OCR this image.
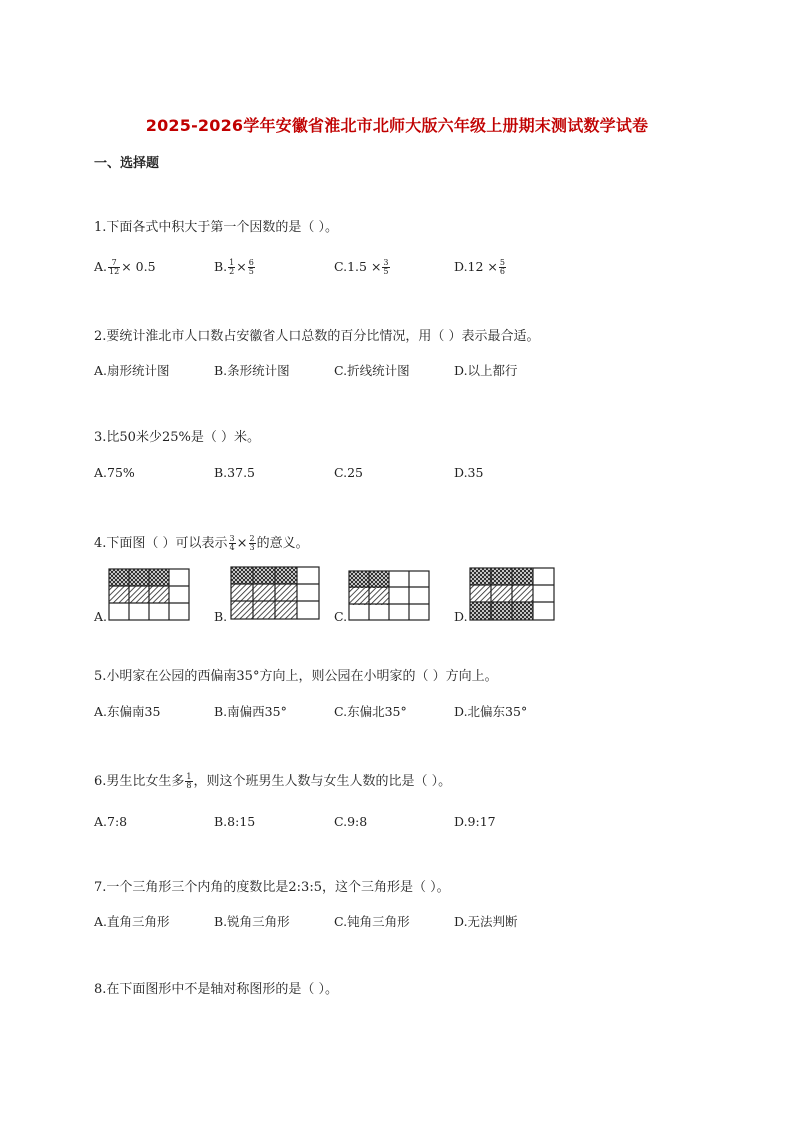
2025-2026学年安徽省淮北市北师大版六年级上册期末测试数学试卷
一、选择题
1.下面各式中积大于第一个因数的是（ ）。
A. $\frac{7}{12} \times 0.5$	B. $\frac{1}{2} \times \frac{6}{5}$	$C.1.5 \times \frac{3}{5}$	$D.12 \times \frac{5}{6}$
2.要统计淮北市人口数占安徽省人口总数的百分比情况，用（ ）表示最合适。
A.扇形统计图	B.条形统计图	C.折线统计图	D.以上都行
3.比50米少25%是（ ）米。
A.75%	B.37.5	C.25	D.35
4.下面图（ ）可以表示 $\frac{3}{4} \times \frac{2}{3}$ 的意义。
A.	B.	C.	D.
5.小明家在公园的西偏南35°方向上，则公园在小明家的（ ）方向上。
A.东偏南35	B.南偏西35°	C.东偏北35°	D.北偏东35°
6.男生比女生多 $\frac{1}{8}$ ，则这个班男生人数与女生人数的比是（ ）。
A.7:8	B.8:15	C.9:8	D.9:17
7.一个三角形三个内角的度数比是2:3:5，这个三角形是（ ）。
A.直角三角形	B.锐角三角形	C.钝角三角形	D.无法判断
8.在下面图形中不是轴对称图形的是（ ）。
